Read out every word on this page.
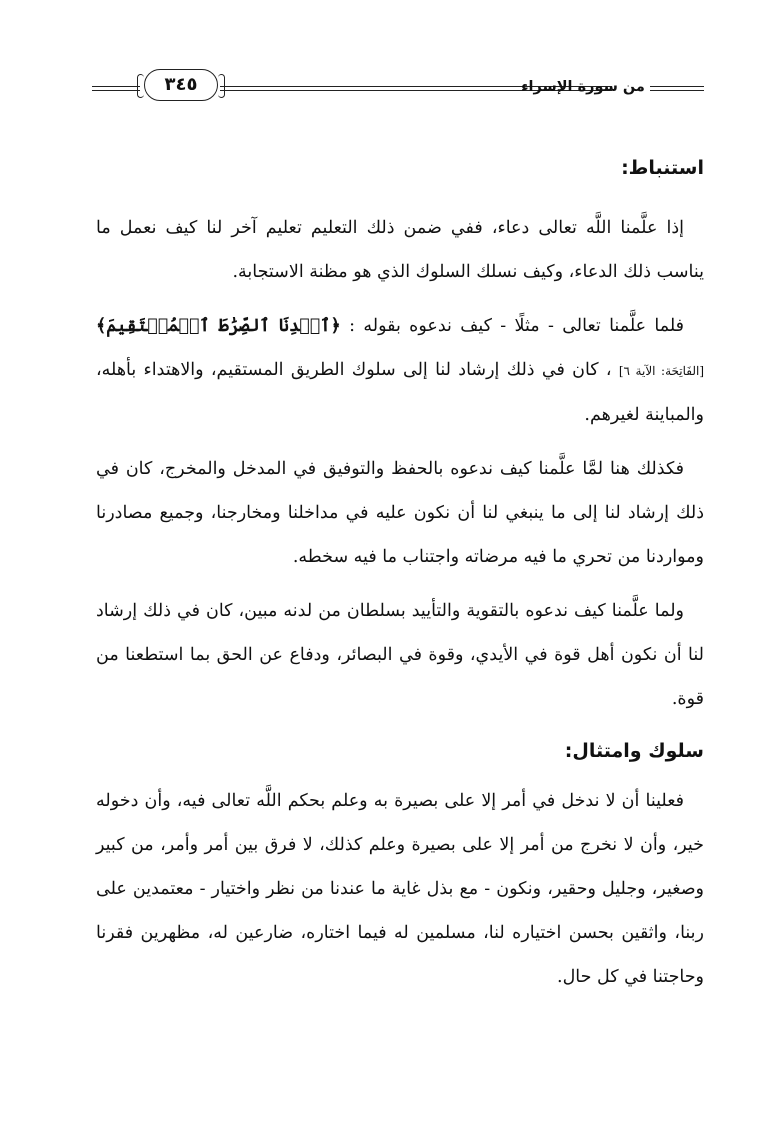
٣٤٥	من سورة الإسراء
استنباط:

إذا علَّمنا اللَّه تعالى دعاء، ففي ضمن ذلك التعليم تعليم آخر لنا كيف نعمل ما يناسب ذلك الدعاء، وكيف نسلك السلوك الذي هو مظنة الاستجابة.

فلما علَّمنا تعالى - مثلًا - كيف ندعوه بقوله : ﴿ٱهۡدِنَا ٱلصِّرَٰطَ ٱلۡمُسۡتَقِيمَ﴾ [الفَاتِحَة: الآية ٦] ، كان في ذلك إرشاد لنا إلى سلوك الطريق المستقيم، والاهتداء بأهله، والمباينة لغيرهم.

فكذلك هنا لمَّا علَّمنا كيف ندعوه بالحفظ والتوفيق في المدخل والمخرج، كان في ذلك إرشاد لنا إلى ما ينبغي لنا أن نكون عليه في مداخلنا ومخارجنا، وجميع مصادرنا ومواردنا من تحري ما فيه مرضاته واجتناب ما فيه سخطه.

ولما علَّمنا كيف ندعوه بالتقوية والتأييد بسلطان من لدنه مبين، كان في ذلك إرشاد لنا أن نكون أهل قوة في الأيدي، وقوة في البصائر، ودفاع عن الحق بما استطعنا من قوة.

سلوك وامتثال:

فعلينا أن لا ندخل في أمر إلا على بصيرة به وعلم بحكم اللَّه تعالى فيه، وأن دخوله خير، وأن لا نخرج من أمر إلا على بصيرة وعلم كذلك، لا فرق بين أمر وأمر، من كبير وصغير، وجليل وحقير، ونكون - مع بذل غاية ما عندنا من نظر واختيار - معتمدين على ربنا، واثقين بحسن اختياره لنا، مسلمين له فيما اختاره، ضارعين له، مظهرين فقرنا وحاجتنا في كل حال.
